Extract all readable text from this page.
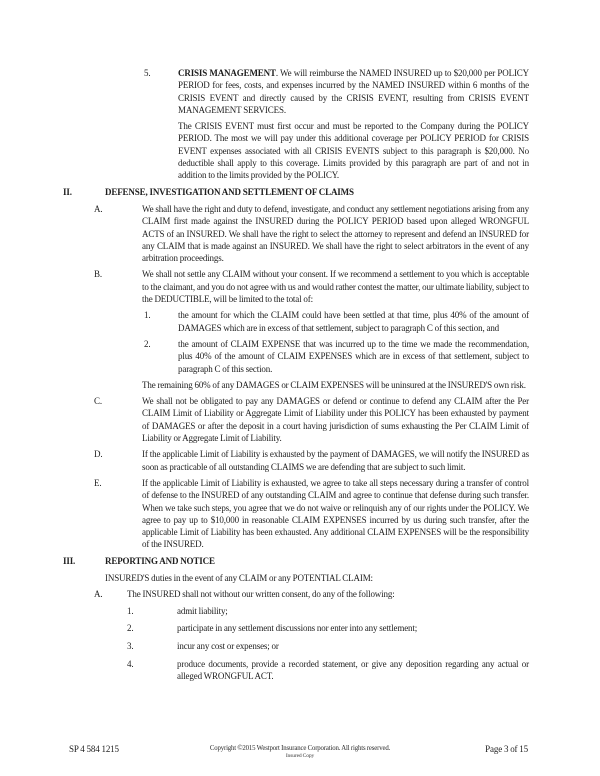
5.	CRISIS MANAGEMENT. We will reimburse the NAMED INSURED up to $20,000 per POLICY PERIOD for fees, costs, and expenses incurred by the NAMED INSURED within 6 months of the CRISIS EVENT and directly caused by the CRISIS EVENT, resulting from CRISIS EVENT MANAGEMENT SERVICES.
The CRISIS EVENT must first occur and must be reported to the Company during the POLICY PERIOD. The most we will pay under this additional coverage per POLICY PERIOD for CRISIS EVENT expenses associated with all CRISIS EVENTS subject to this paragraph is $20,000. No deductible shall apply to this coverage. Limits provided by this paragraph are part of and not in addition to the limits provided by the POLICY.
II.	DEFENSE, INVESTIGATION AND SETTLEMENT OF CLAIMS
A.	We shall have the right and duty to defend, investigate, and conduct any settlement negotiations arising from any CLAIM first made against the INSURED during the POLICY PERIOD based upon alleged WRONGFUL ACTS of an INSURED. We shall have the right to select the attorney to represent and defend an INSURED for any CLAIM that is made against an INSURED. We shall have the right to select arbitrators in the event of any arbitration proceedings.
B.	We shall not settle any CLAIM without your consent. If we recommend a settlement to you which is acceptable to the claimant, and you do not agree with us and would rather contest the matter, our ultimate liability, subject to the DEDUCTIBLE, will be limited to the total of:
1.	the amount for which the CLAIM could have been settled at that time, plus 40% of the amount of DAMAGES which are in excess of that settlement, subject to paragraph C of this section, and
2.	the amount of CLAIM EXPENSE that was incurred up to the time we made the recommendation, plus 40% of the amount of CLAIM EXPENSES which are in excess of that settlement, subject to paragraph C of this section.
The remaining 60% of any DAMAGES or CLAIM EXPENSES will be uninsured at the INSURED'S own risk.
C.	We shall not be obligated to pay any DAMAGES or defend or continue to defend any CLAIM after the Per CLAIM Limit of Liability or Aggregate Limit of Liability under this POLICY has been exhausted by payment of DAMAGES or after the deposit in a court having jurisdiction of sums exhausting the Per CLAIM Limit of Liability or Aggregate Limit of Liability.
D.	If the applicable Limit of Liability is exhausted by the payment of DAMAGES, we will notify the INSURED as soon as practicable of all outstanding CLAIMS we are defending that are subject to such limit.
E.	If the applicable Limit of Liability is exhausted, we agree to take all steps necessary during a transfer of control of defense to the INSURED of any outstanding CLAIM and agree to continue that defense during such transfer. When we take such steps, you agree that we do not waive or relinquish any of our rights under the POLICY. We agree to pay up to $10,000 in reasonable CLAIM EXPENSES incurred by us during such transfer, after the applicable Limit of Liability has been exhausted. Any additional CLAIM EXPENSES will be the responsibility of the INSURED.
III.	REPORTING AND NOTICE
INSURED'S duties in the event of any CLAIM or any POTENTIAL CLAIM:
A.	The INSURED shall not without our written consent, do any of the following:
1.	admit liability;
2.	participate in any settlement discussions nor enter into any settlement;
3.	incur any cost or expenses; or
4.	produce documents, provide a recorded statement, or give any deposition regarding any actual or alleged WRONGFUL ACT.
SP 4 584 1215	Copyright ©2015 Westport Insurance Corporation. All rights reserved.
Insured Copy
Page 3 of 15
